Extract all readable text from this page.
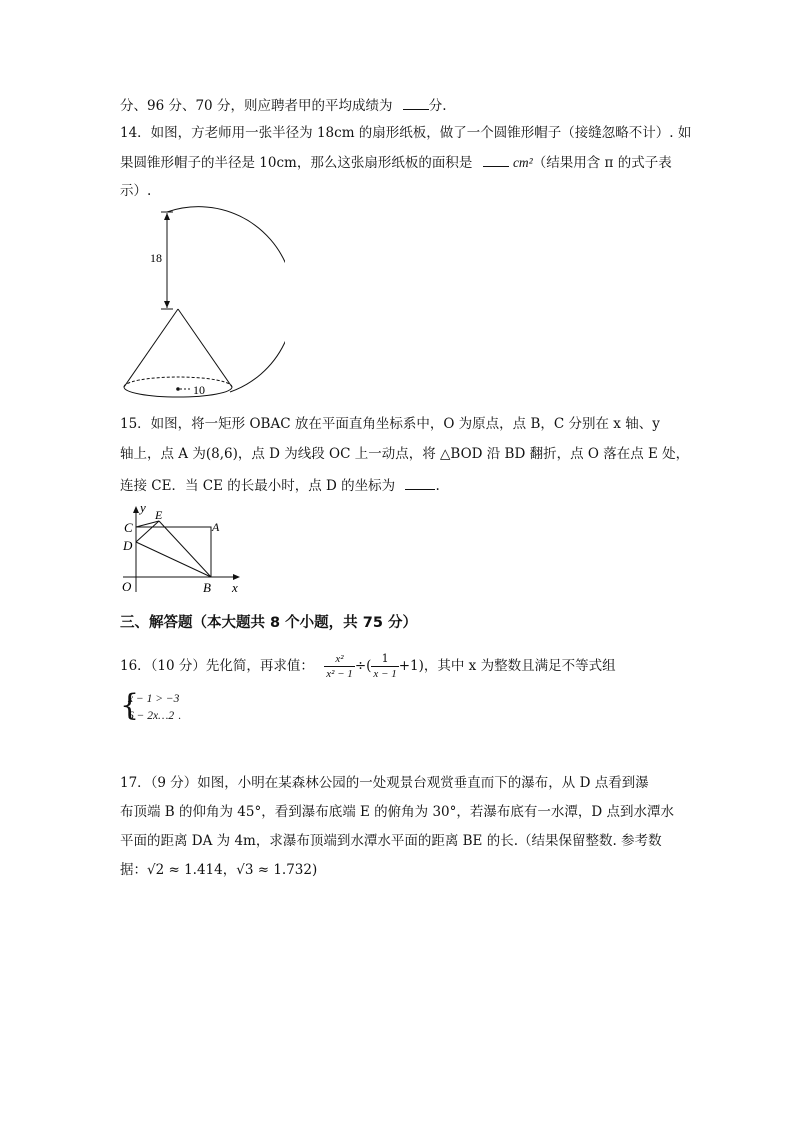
分、96 分、70 分，则应聘者甲的平均成绩为	分.
14．如图，方老师用一张半径为 18cm 的扇形纸板，做了一个圆锥形帽子（接缝忽略不计）. 如
果圆锥形帽子的半径是 10cm，那么这张扇形纸板的面积是	cm²（结果用含 π 的式子表
示）.
18
10
15．如图，将一矩形 OBAC 放在平面直角坐标系中，O 为原点，点 B，C 分别在 x 轴、y
轴上，点 A 为(8,6)，点 D 为线段 OC 上一动点，将 △BOD 沿 BD 翻折，点 O 落在点 E 处，
连接 CE．当 CE 的长最小时，点 D 的坐标为	.
y
x
C
E
A
D
O	B
三、解答题（本大题共 8 个小题，共 75 分）
16．（10 分）先化简，再求值： $\frac{\text{x²}}{\text{x² − 1}}$ ÷( $\frac{1}{x - 1} +1$)，其中 x 为整数且满足不等式组
{
x − 1 > −3
6 − 2x…2 .
17．（9 分）如图，小明在某森林公园的一处观景台观赏垂直而下的瀑布，从 D 点看到瀑
布顶端 B 的仰角为 45°，看到瀑布底端 E 的俯角为 30°，若瀑布底有一水潭，D 点到水潭水
平面的距离 DA 为 4m，求瀑布顶端到水潭水平面的距离 BE 的长.（结果保留整数. 参考数
据：√2 ≈ 1.414，√3 ≈ 1.732)
